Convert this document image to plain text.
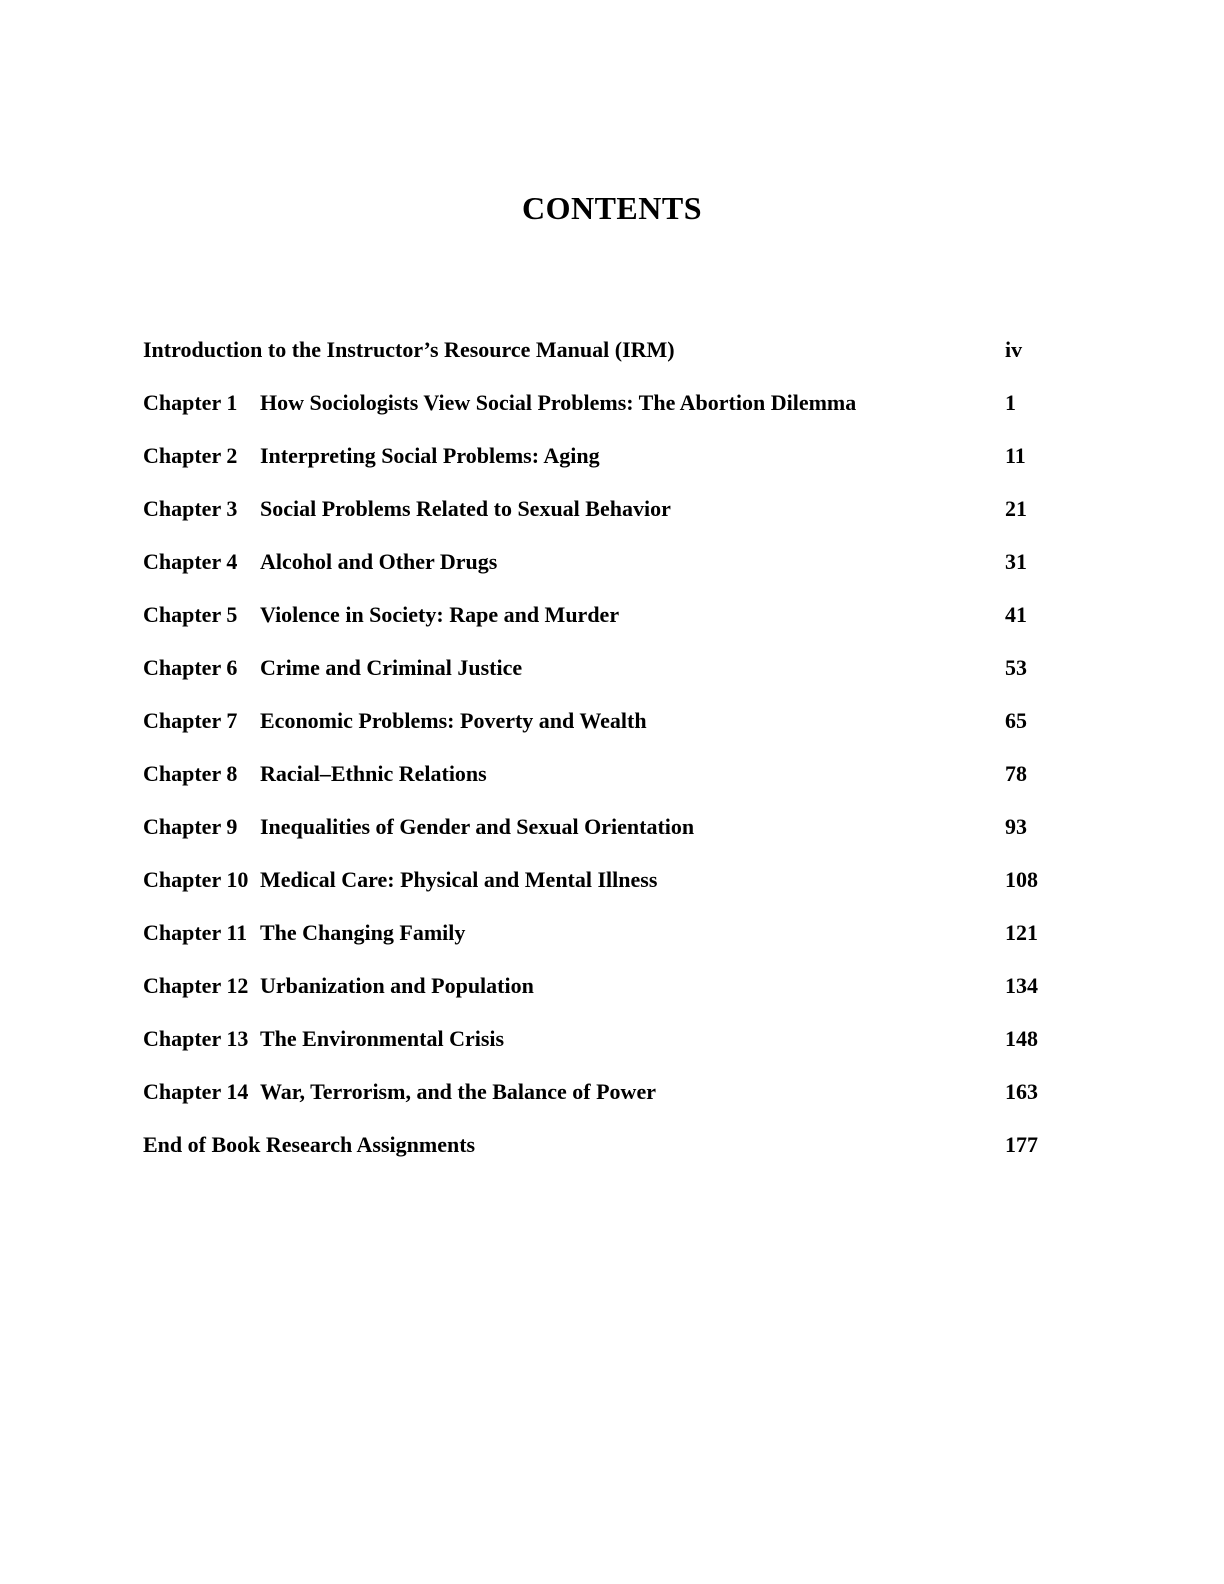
CONTENTS
Introduction to the Instructor’s Resource Manual (IRM)	iv
Chapter 1 How Sociologists View Social Problems: The Abortion Dilemma	1
Chapter 2 Interpreting Social Problems: Aging	11
Chapter 3 Social Problems Related to Sexual Behavior	21
Chapter 4 Alcohol and Other Drugs	31
Chapter 5 Violence in Society: Rape and Murder	41
Chapter 6 Crime and Criminal Justice	53
Chapter 7 Economic Problems: Poverty and Wealth	65
Chapter 8 Racial–Ethnic Relations	78
Chapter 9 Inequalities of Gender and Sexual Orientation	93
Chapter 10 Medical Care: Physical and Mental Illness	108
Chapter 11 The Changing Family	121
Chapter 12 Urbanization and Population	134
Chapter 13 The Environmental Crisis	148
Chapter 14 War, Terrorism, and the Balance of Power	163
End of Book Research Assignments	177
